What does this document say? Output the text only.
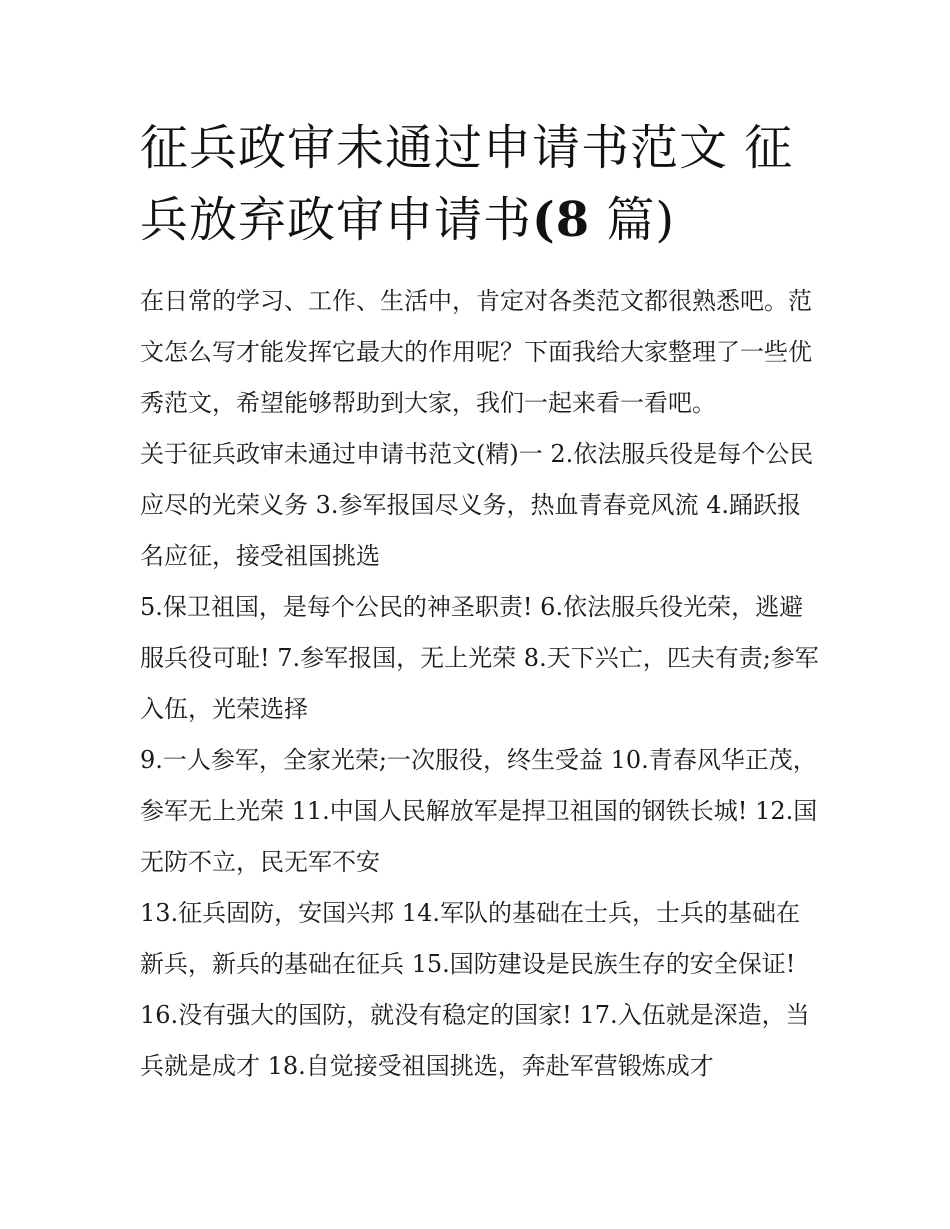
征兵政审未通过申请书范文 征兵放弃政审申请书(8 篇)

在日常的学习、工作、生活中，肯定对各类范文都很熟悉吧。范文怎么写才能发挥它最大的作用呢？下面我给大家整理了一些优秀范文，希望能够帮助到大家，我们一起来看一看吧。

关于征兵政审未通过申请书范文(精)一 2.依法服兵役是每个公民应尽的光荣义务 3.参军报国尽义务，热血青春竞风流 4.踊跃报名应征，接受祖国挑选

5.保卫祖国，是每个公民的神圣职责! 6.依法服兵役光荣，逃避服兵役可耻! 7.参军报国，无上光荣 8.天下兴亡，匹夫有责;参军入伍，光荣选择

9.一人参军，全家光荣;一次服役，终生受益 10.青春风华正茂，参军无上光荣 11.中国人民解放军是捍卫祖国的钢铁长城! 12.国无防不立，民无军不安

13.征兵固防，安国兴邦 14.军队的基础在士兵，士兵的基础在新兵，新兵的基础在征兵 15.国防建设是民族生存的安全保证! 16.没有强大的国防，就没有稳定的国家! 17.入伍就是深造，当兵就是成才 18.自觉接受祖国挑选，奔赴军营锻炼成才
